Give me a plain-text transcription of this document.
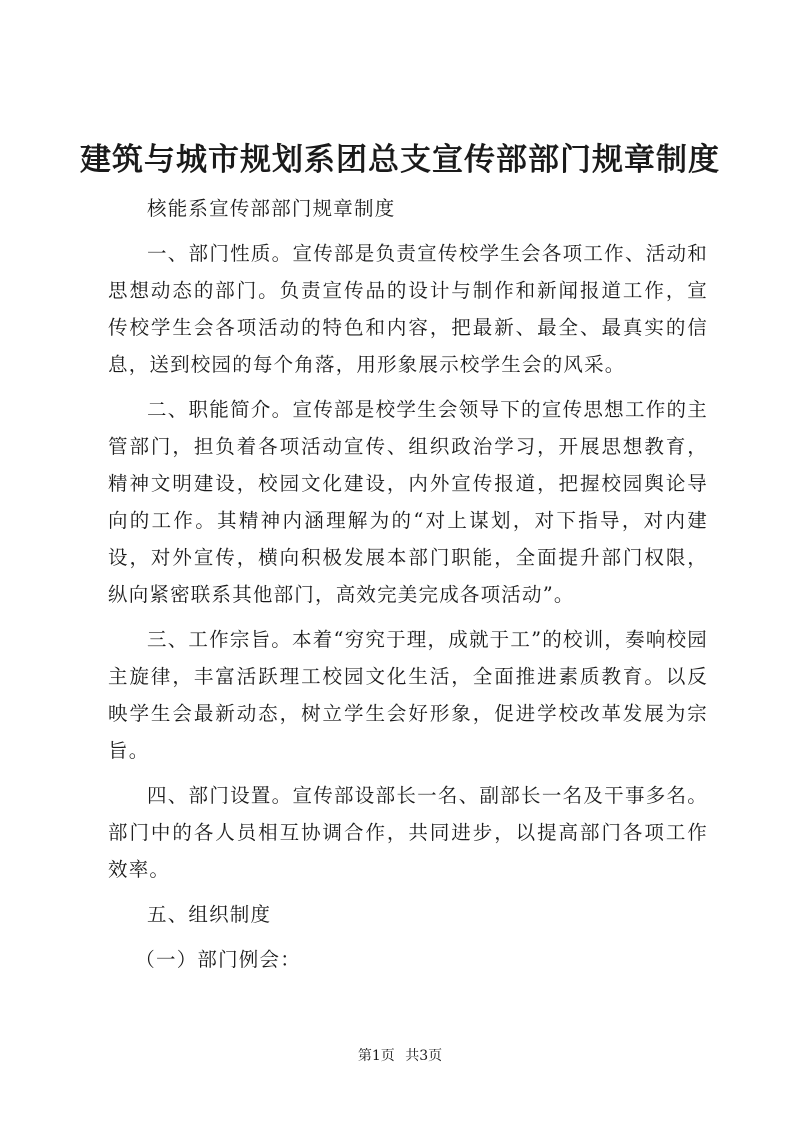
建筑与城市规划系团总支宣传部部门规章制度

核能系宣传部部门规章制度

一、部门性质。宣传部是负责宣传校学生会各项工作、活动和思想动态的部门。负责宣传品的设计与制作和新闻报道工作，宣传校学生会各项活动的特色和内容，把最新、最全、最真实的信息，送到校园的每个角落，用形象展示校学生会的风采。

二、职能简介。宣传部是校学生会领导下的宣传思想工作的主管部门，担负着各项活动宣传、组织政治学习，开展思想教育，精神文明建设，校园文化建设，内外宣传报道，把握校园舆论导向的工作。其精神内涵理解为的“对上谋划，对下指导，对内建设，对外宣传，横向积极发展本部门职能，全面提升部门权限，纵向紧密联系其他部门，高效完美完成各项活动”。

三、工作宗旨。本着“穷究于理，成就于工”的校训，奏响校园主旋律，丰富活跃理工校园文化生活，全面推进素质教育。以反映学生会最新动态，树立学生会好形象，促进学校改革发展为宗旨。

四、部门设置。宣传部设部长一名、副部长一名及干事多名。部门中的各人员相互协调合作，共同进步，以提高部门各项工作效率。

五、组织制度

（一）部门例会：

第1页 共3页
